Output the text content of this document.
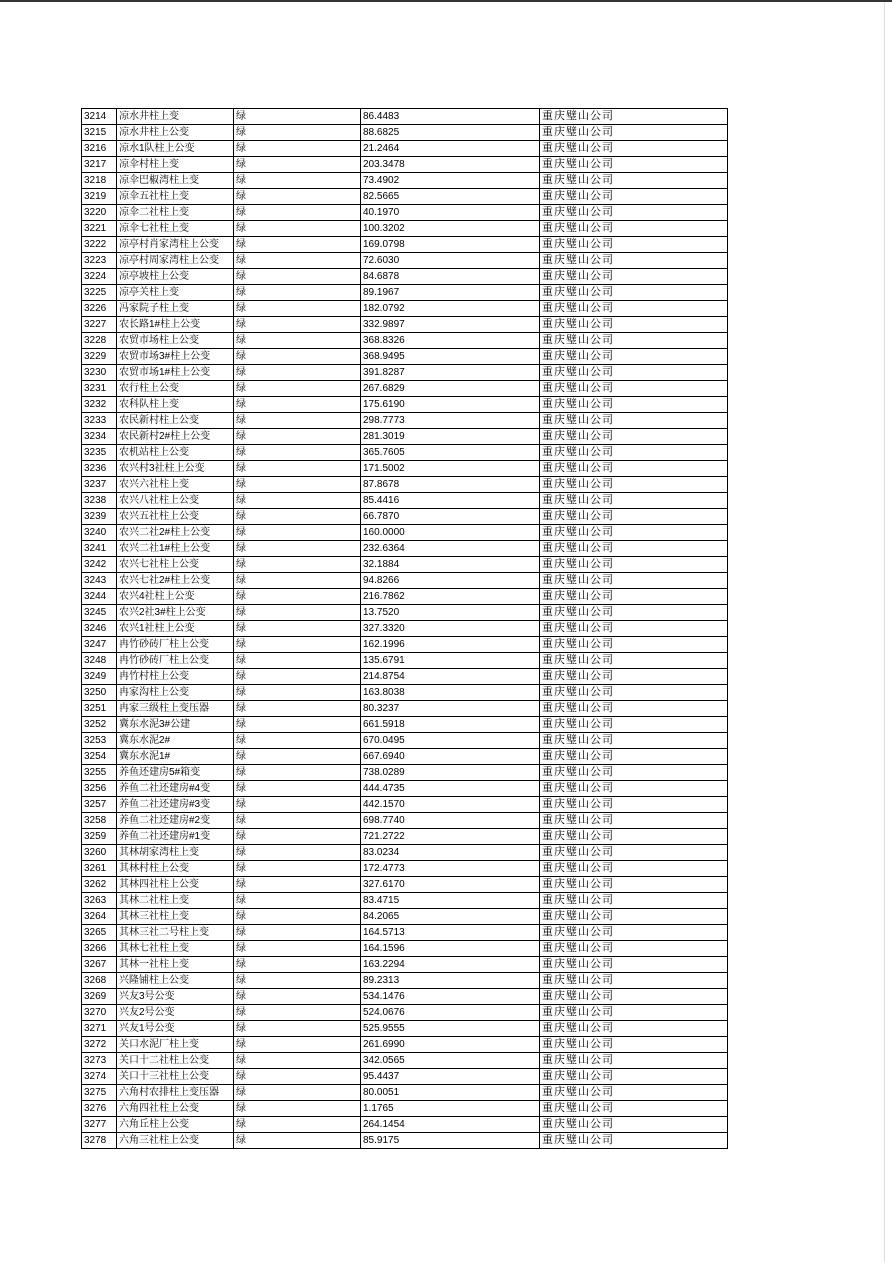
3214	凉水井柱上变	绿	86.4483	重庆璧山公司
3215	凉水井柱上公变	绿	88.6825	重庆璧山公司
3216	凉水1队柱上公变	绿	21.2464	重庆璧山公司
3217	凉伞村柱上变	绿	203.3478	重庆璧山公司
3218	凉伞巴椒湾柱上变	绿	73.4902	重庆璧山公司
3219	凉伞五社柱上变	绿	82.5665	重庆璧山公司
3220	凉伞二社柱上变	绿	40.1970	重庆璧山公司
3221	凉伞七社柱上变	绿	100.3202	重庆璧山公司
3222	凉亭村肖家湾柱上公变	绿	169.0798	重庆璧山公司
3223	凉亭村周家湾柱上公变	绿	72.6030	重庆璧山公司
3224	凉亭坡柱上公变	绿	84.6878	重庆璧山公司
3225	凉亭关柱上变	绿	89.1967	重庆璧山公司
3226	冯家院子柱上变	绿	182.0792	重庆璧山公司
3227	农长路1#柱上公变	绿	332.9897	重庆璧山公司
3228	农贸市场柱上公变	绿	368.8326	重庆璧山公司
3229	农贸市场3#柱上公变	绿	368.9495	重庆璧山公司
3230	农贸市场1#柱上公变	绿	391.8287	重庆璧山公司
3231	农行柱上公变	绿	267.6829	重庆璧山公司
3232	农科队柱上变	绿	175.6190	重庆璧山公司
3233	农民新村柱上公变	绿	298.7773	重庆璧山公司
3234	农民新村2#柱上公变	绿	281.3019	重庆璧山公司
3235	农机站柱上公变	绿	365.7605	重庆璧山公司
3236	农兴村3社柱上公变	绿	171.5002	重庆璧山公司
3237	农兴六社柱上变	绿	87.8678	重庆璧山公司
3238	农兴八社柱上公变	绿	85.4416	重庆璧山公司
3239	农兴五社柱上公变	绿	66.7870	重庆璧山公司
3240	农兴二社2#柱上公变	绿	160.0000	重庆璧山公司
3241	农兴二社1#柱上公变	绿	232.6364	重庆璧山公司
3242	农兴七社柱上公变	绿	32.1884	重庆璧山公司
3243	农兴七社2#柱上公变	绿	94.8266	重庆璧山公司
3244	农兴4社柱上公变	绿	216.7862	重庆璧山公司
3245	农兴2社3#柱上公变	绿	13.7520	重庆璧山公司
3246	农兴1社柱上公变	绿	327.3320	重庆璧山公司
3247	冉竹砂砖厂柱上公变	绿	162.1996	重庆璧山公司
3248	冉竹砂砖厂柱上公变	绿	135.6791	重庆璧山公司
3249	冉竹村柱上公变	绿	214.8754	重庆璧山公司
3250	冉家沟柱上公变	绿	163.8038	重庆璧山公司
3251	冉家三级柱上变压器	绿	80.3237	重庆璧山公司
3252	冀东水泥3#公建	绿	661.5918	重庆璧山公司
3253	冀东水泥2#	绿	670.0495	重庆璧山公司
3254	冀东水泥1#	绿	667.6940	重庆璧山公司
3255	养鱼还建房5#箱变	绿	738.0289	重庆璧山公司
3256	养鱼二社还建房#4变	绿	444.4735	重庆璧山公司
3257	养鱼二社还建房#3变	绿	442.1570	重庆璧山公司
3258	养鱼二社还建房#2变	绿	698.7740	重庆璧山公司
3259	养鱼二社还建房#1变	绿	721.2722	重庆璧山公司
3260	其林胡家湾柱上变	绿	83.0234	重庆璧山公司
3261	其林村柱上公变	绿	172.4773	重庆璧山公司
3262	其林四社柱上公变	绿	327.6170	重庆璧山公司
3263	其林二社柱上变	绿	83.4715	重庆璧山公司
3264	其林三社柱上变	绿	84.2065	重庆璧山公司
3265	其林三社二号柱上变	绿	164.5713	重庆璧山公司
3266	其林七社柱上变	绿	164.1596	重庆璧山公司
3267	其林一社柱上变	绿	163.2294	重庆璧山公司
3268	兴隆铺柱上公变	绿	89.2313	重庆璧山公司
3269	兴友3号公变	绿	534.1476	重庆璧山公司
3270	兴友2号公变	绿	524.0676	重庆璧山公司
3271	兴友1号公变	绿	525.9555	重庆璧山公司
3272	关口水泥厂柱上变	绿	261.6990	重庆璧山公司
3273	关口十二社柱上公变	绿	342.0565	重庆璧山公司
3274	关口十三社柱上公变	绿	95.4437	重庆璧山公司
3275	六角村农排柱上变压器	绿	80.0051	重庆璧山公司
3276	六角四社柱上公变	绿	1.1765	重庆璧山公司
3277	六角丘柱上公变	绿	264.1454	重庆璧山公司
3278	六角三社柱上公变	绿	85.9175	重庆璧山公司
